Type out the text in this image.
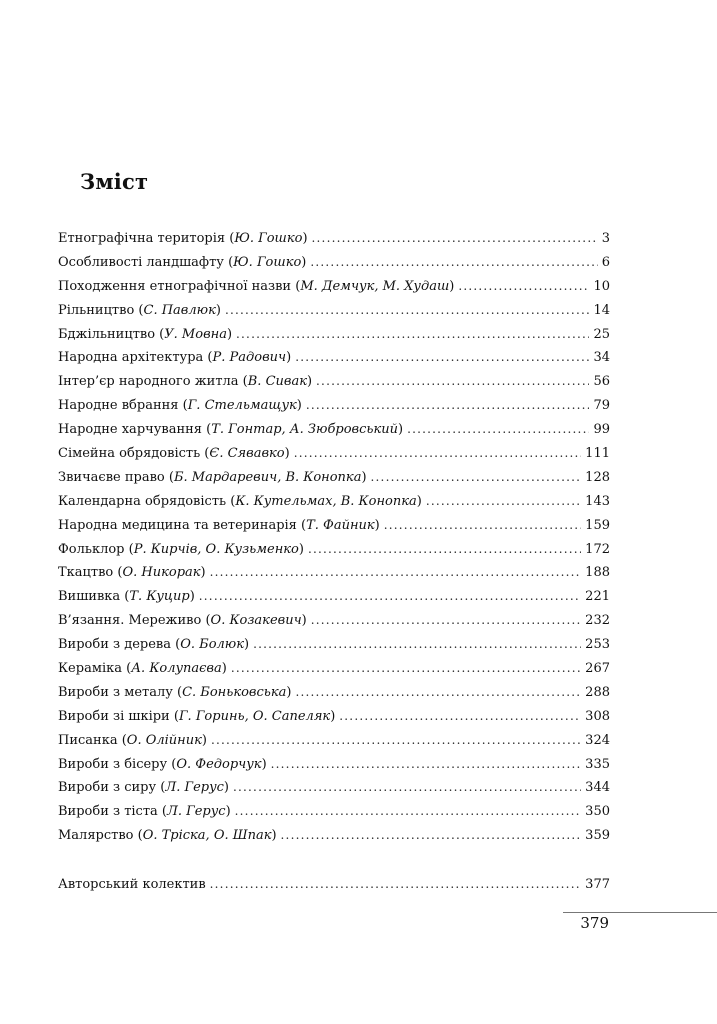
Зміст
Етнографічна територія (Ю. Гошко) .....	3
Особливості ландшафту (Ю. Гошко) .....	6
Походження етнографічної назви (М. Демчук, М. Худаш) .....	10
Рільництво (С. Павлюк) .....	14
Бджільництво (У. Мовна) .....	25
Народна архітектура (Р. Радович) .....	34
Інтер’єр народного житла (В. Сивак) .....	56
Народне вбрання (Г. Стельмащук) .....	79
Народне харчування (Т. Гонтар, А. Зюбровський) .....	99
Сімейна обрядовість (Є. Сявавко) .....	111
Звичаєве право (Б. Мардаревич, В. Конопка) .....	128
Календарна обрядовість (К. Кутельмах, В. Конопка) .....	143
Народна медицина та ветеринарія (Т. Файник) .....	159
Фольклор (Р. Кирчів, О. Кузьменко) .....	172
Ткацтво (О. Никорак) .....	188
Вишивка (Т. Куцир) .....	221
В’язання. Мереживо (О. Козакевич) .....	232
Вироби з дерева (О. Болюк) .....	253
Кераміка (А. Колупаєва) .....	267
Вироби з металу (С. Боньковська) .....	288
Вироби зі шкіри (Г. Горинь, О. Сапеляк) .....	308
Писанка (О. Олійник) .....	324
Вироби з бісеру (О. Федорчук) .....	335
Вироби з сиру (Л. Герус) .....	344
Вироби з тіста (Л. Герус) .....	350
Малярство (О. Тріска, О. Шпак) .....	359
Авторський колектив .....	377
379
